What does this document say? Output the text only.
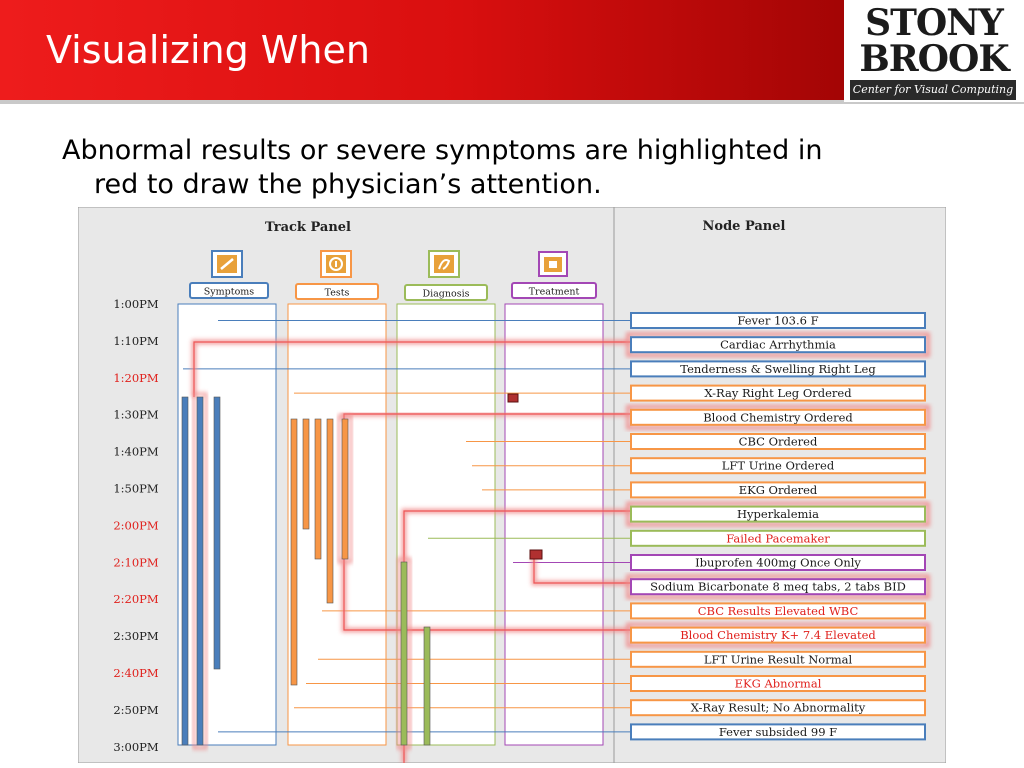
Visualizing When
STONY
BROOK
Center for Visual Computing
Abnormal results or severe symptoms are highlighted in
red to draw the physician’s attention.
Track Panel	Node Panel
Symptoms	Tests	Diagnosis	Treatment
1:00PM
1:10PM
1:20PM
1:30PM
1:40PM
1:50PM
2:00PM
2:10PM
2:20PM
2:30PM
2:40PM
2:50PM
3:00PM
Fever 103.6 F
Cardiac Arrhythmia
Tenderness & Swelling Right Leg
X-Ray Right Leg Ordered
Blood Chemistry Ordered
CBC Ordered
LFT Urine Ordered
EKG Ordered
Hyperkalemia
Failed Pacemaker
Ibuprofen 400mg Once Only
Sodium Bicarbonate 8 meq tabs, 2 tabs BID
CBC Results Elevated WBC
Blood Chemistry K+ 7.4 Elevated
LFT Urine Result Normal
EKG Abnormal
X-Ray Result; No Abnormality
Fever subsided 99 F
